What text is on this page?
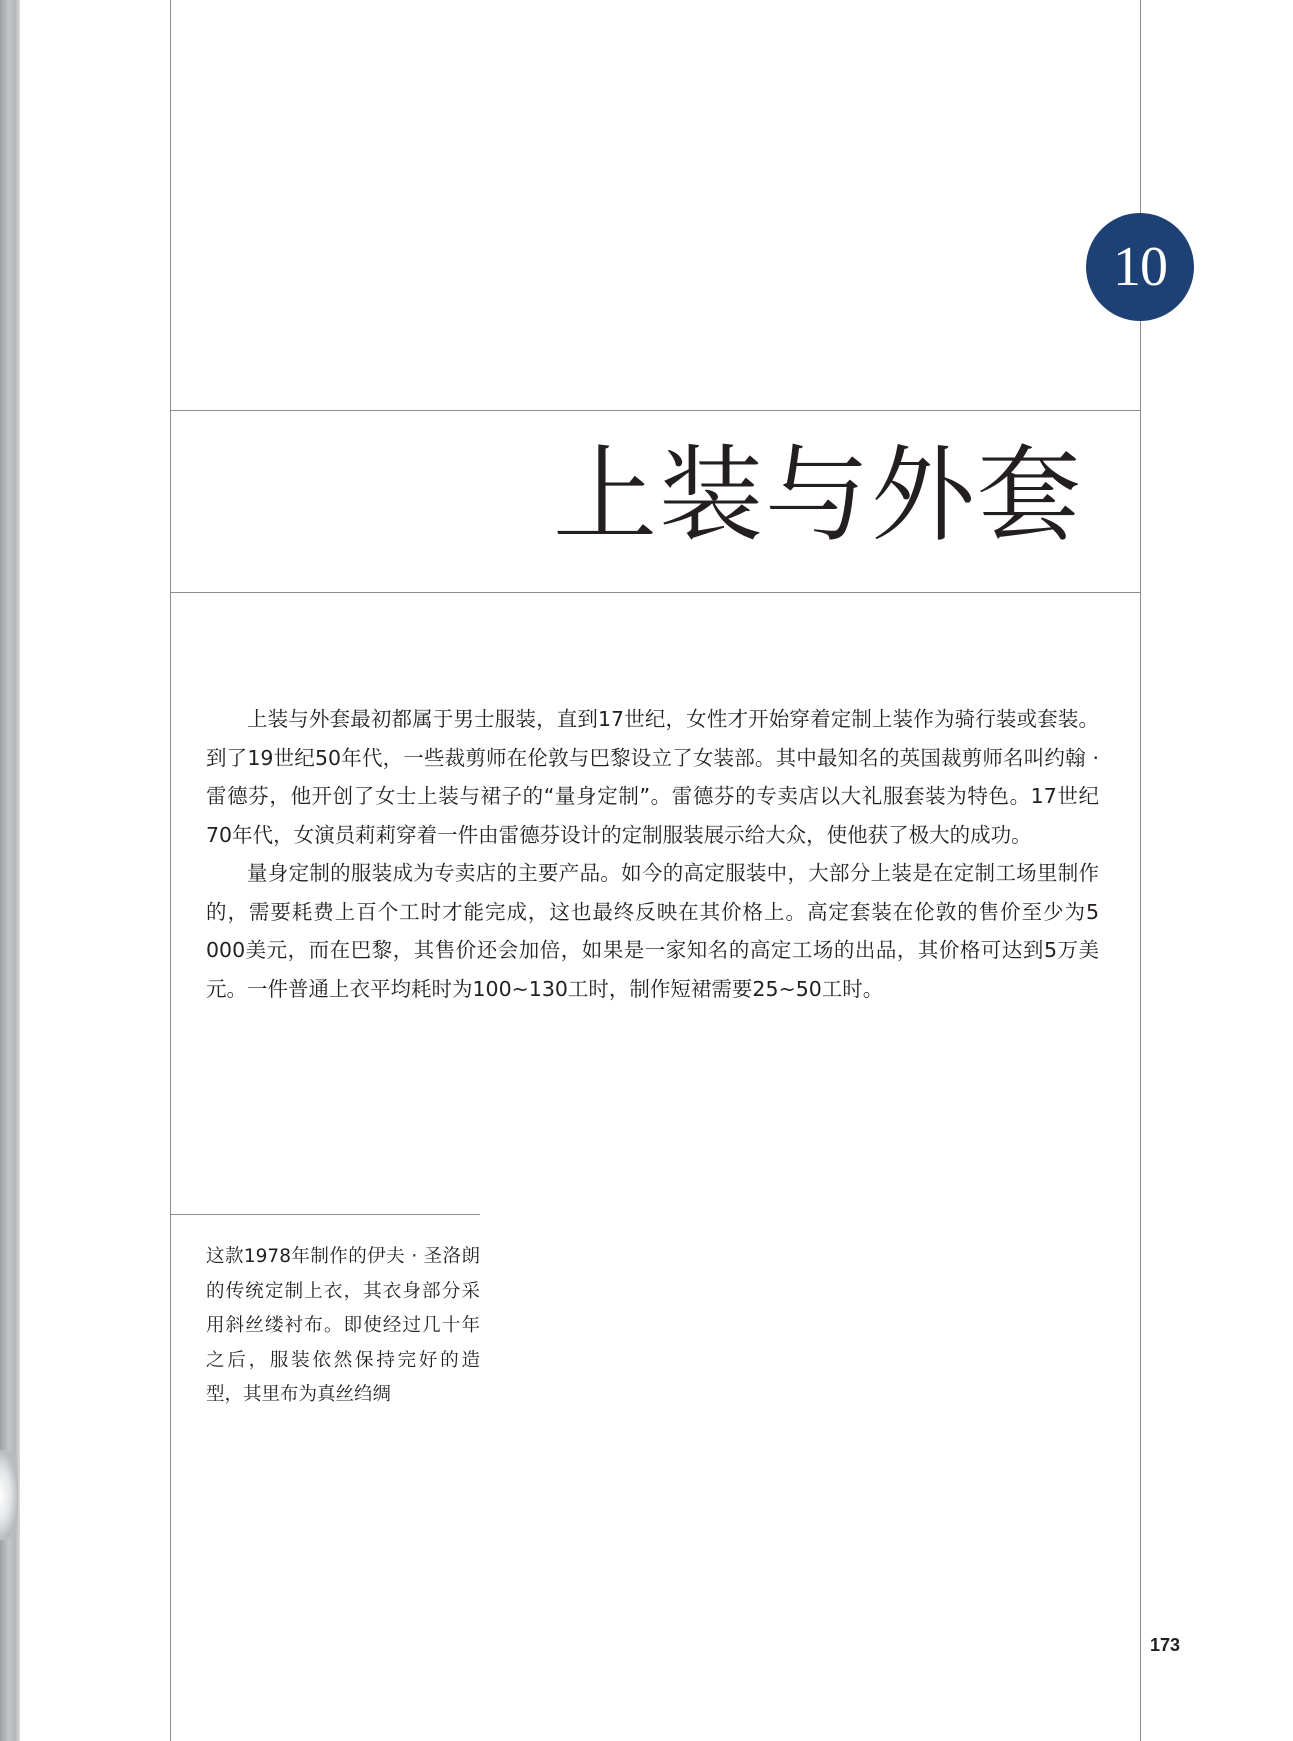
10
上装与外套

上装与外套最初都属于男士服装，直到17世纪，女性才开始穿着定制上装作为骑行装或套装。到了19世纪50年代，一些裁剪师在伦敦与巴黎设立了女装部。其中最知名的英国裁剪师名叫约翰 · 雷德芬，他开创了女士上装与裙子的“量身定制”。雷德芬的专卖店以大礼服套装为特色。17世纪70年代，女演员莉莉穿着一件由雷德芬设计的定制服装展示给大众，使他获了极大的成功。

量身定制的服装成为专卖店的主要产品。如今的高定服装中，大部分上装是在定制工场里制作的，需要耗费上百个工时才能完成，这也最终反映在其价格上。高定套装在伦敦的售价至少为5 000美元，而在巴黎，其售价还会加倍，如果是一家知名的高定工场的出品，其价格可达到5万美元。一件普通上衣平均耗时为100~130工时，制作短裙需要25~50工时。

这款1978年制作的伊夫 · 圣洛朗的传统定制上衣，其衣身部分采用斜丝缕衬布。即使经过几十年之后，服装依然保持完好的造型，其里布为真丝绉绸

173
